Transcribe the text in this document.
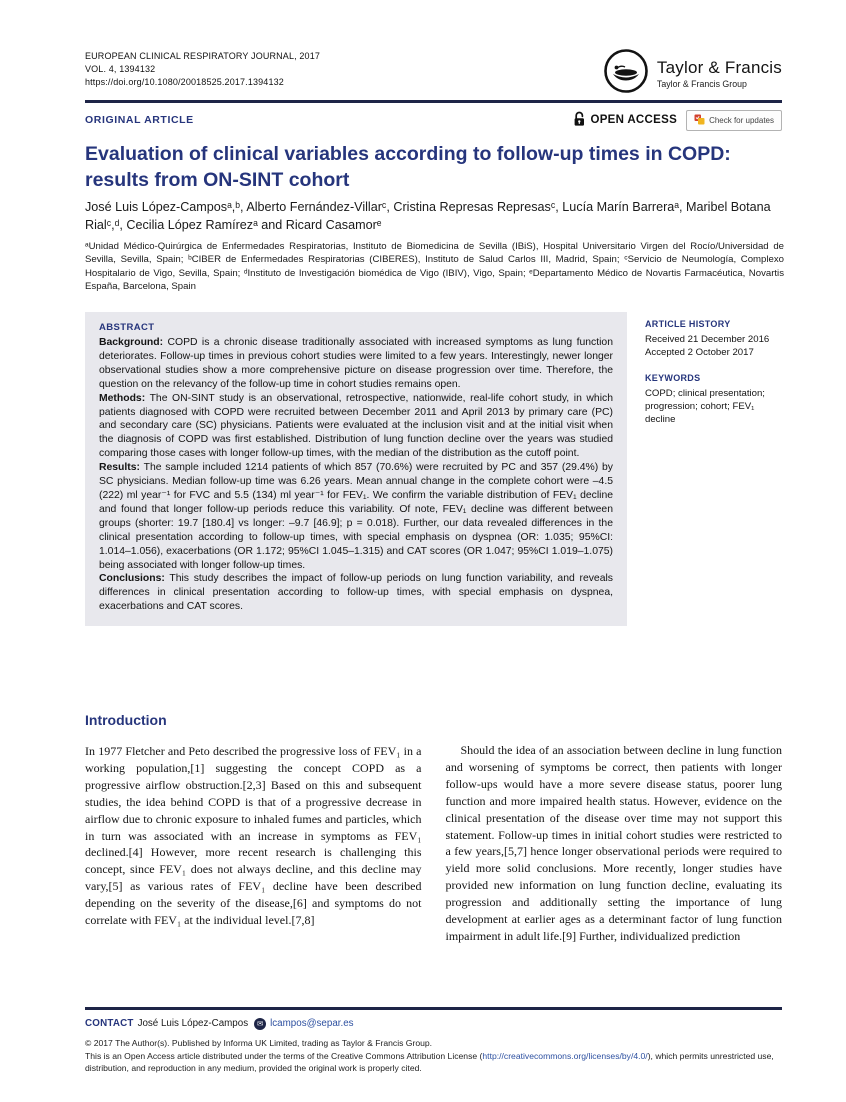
EUROPEAN CLINICAL RESPIRATORY JOURNAL, 2017
VOL. 4, 1394132
https://doi.org/10.1080/20018525.2017.1394132
Taylor & Francis
Taylor & Francis Group
ORIGINAL ARTICLE	OPEN ACCESS	Check for updates
Evaluation of clinical variables according to follow-up times in COPD: results from ON-SINT cohort

José Luis López-Camposᵃ,ᵇ, Alberto Fernández-Villarᶜ, Cristina Represas Represasᶜ, Lucía Marín Barreraᵃ, Maribel Botana Rialᶜ,ᵈ, Cecilia López Ramírezᵃ and Ricard Casamorᵉ

ᵃUnidad Médico-Quirúrgica de Enfermedades Respiratorias, Instituto de Biomedicina de Sevilla (IBiS), Hospital Universitario Virgen del Rocío/Universidad de Sevilla, Sevilla, Spain; ᵇCIBER de Enfermedades Respiratorias (CIBERES), Instituto de Salud Carlos III, Madrid, Spain; ᶜServicio de Neumología, Complexo Hospitalario de Vigo, Sevilla, Spain; ᵈInstituto de Investigación biomédica de Vigo (IBIV), Vigo, Spain; ᵉDepartamento Médico de Novartis Farmacéutica, Novartis España, Barcelona, Spain

ABSTRACT

Background: COPD is a chronic disease traditionally associated with increased symptoms as lung function deteriorates. Follow-up times in previous cohort studies were limited to a few years. Interestingly, newer longer observational studies show a more comprehensive picture on disease progression over time. Therefore, the question on the relevancy of the follow-up time in cohort studies remains open.

Methods: The ON-SINT study is an observational, retrospective, nationwide, real-life cohort study, in which patients diagnosed with COPD were recruited between December 2011 and April 2013 by primary care (PC) and secondary care (SC) physicians. Patients were evaluated at the inclusion visit and at the initial visit when the diagnosis of COPD was first established. Distribution of lung function decline over the years was studied comparing those cases with longer follow-up times, with the median of the distribution as the cutoff point.

Results: The sample included 1214 patients of which 857 (70.6%) were recruited by PC and 357 (29.4%) by SC physicians. Median follow-up time was 6.26 years. Mean annual change in the complete cohort were –4.5 (222) ml year⁻¹ for FVC and 5.5 (134) ml year⁻¹ for FEV₁. We confirm the variable distribution of FEV₁ decline and found that longer follow-up periods reduce this variability. Of note, FEV₁ decline was different between groups (shorter: 19.7 [180.4] vs longer: –9.7 [46.9]; p = 0.018). Further, our data revealed differences in the clinical presentation according to follow-up times, with special emphasis on dyspnea (OR: 1.035; 95%CI: 1.014–1.056), exacerbations (OR 1.172; 95%CI 1.045–1.315) and CAT scores (OR 1.047; 95%CI 1.019–1.075) being associated with longer follow-up times.

Conclusions: This study describes the impact of follow-up periods on lung function variability, and reveals differences in clinical presentation according to follow-up times, with special emphasis on dyspnea, exacerbations and CAT scores.

ARTICLE HISTORY
Received 21 December 2016
Accepted 2 October 2017
KEYWORDS
COPD; clinical presentation; progression; cohort; FEV₁ decline
Introduction

In 1977 Fletcher and Peto described the progressive loss of FEV₁ in a working population,[1] suggesting the concept COPD as a progressive airflow obstruction.[2,3] Based on this and subsequent studies, the idea behind COPD is that of a progressive decrease in airflow due to chronic exposure to inhaled fumes and particles, which in turn was associated with an increase in symptoms as FEV₁ declined.[4] However, more recent research is challenging this concept, since FEV₁ does not always decline, and this decline may vary,[5] as various rates of FEV₁ decline have been described depending on the severity of the disease,[6] and symptoms do not correlate with FEV₁ at the individual level.[7,8]

Should the idea of an association between decline in lung function and worsening of symptoms be correct, then patients with longer follow-ups would have a more severe disease status, poorer lung function and more impaired health status. However, evidence on the clinical presentation of the disease over time may not support this statement. Follow-up times in initial cohort studies were restricted to a few years,[5,7] hence longer observational periods were required to yield more solid conclusions. More recently, longer studies have provided new information on lung function decline, evaluating its progression and additionally setting the importance of lung development at earlier ages as a determinant factor of lung function impairment in adult life.[9] Further, individualized prediction

CONTACT José Luis López-Campos	✉ lcampos@separ.es

© 2017 The Author(s). Published by Informa UK Limited, trading as Taylor & Francis Group.

This is an Open Access article distributed under the terms of the Creative Commons Attribution License (http://creativecommons.org/licenses/by/4.0/), which permits unrestricted use, distribution, and reproduction in any medium, provided the original work is properly cited.
